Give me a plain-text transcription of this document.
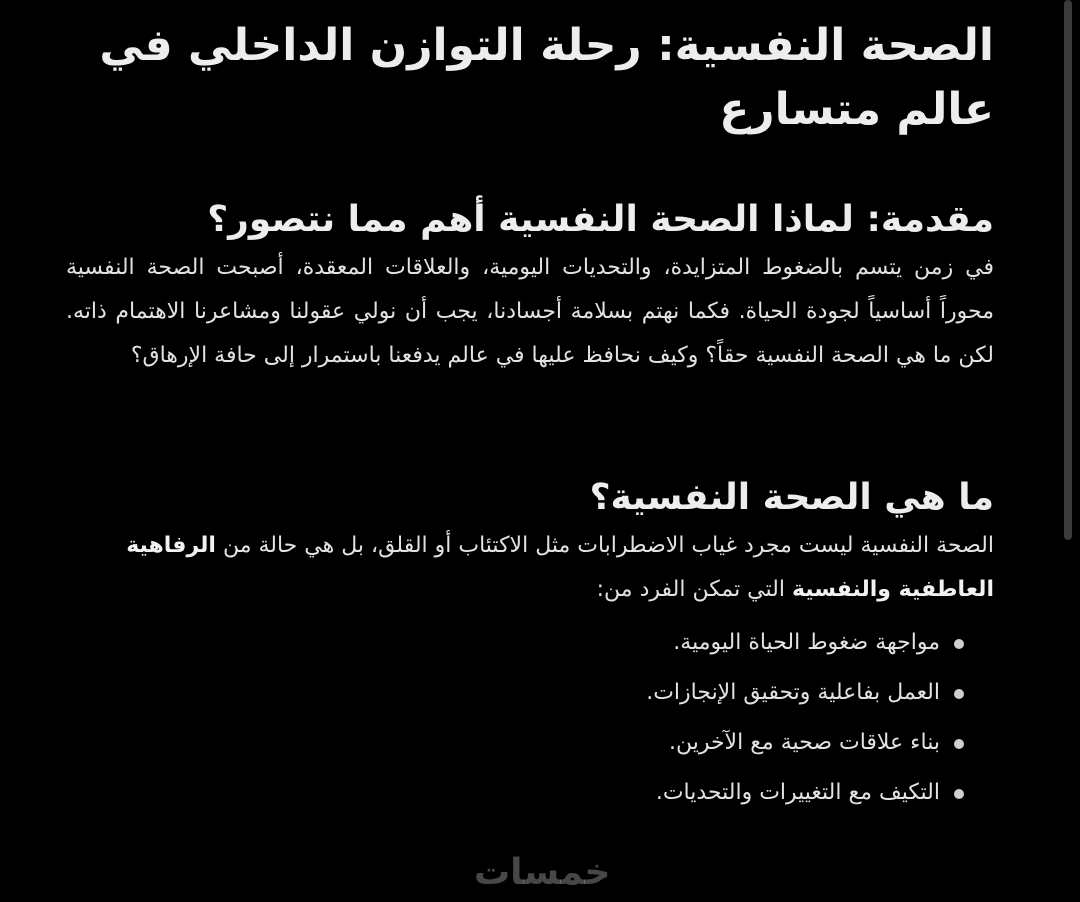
الصحة النفسية: رحلة التوازن الداخلي في عالم متسارع
مقدمة: لماذا الصحة النفسية أهم مما نتصور؟

في زمن يتسم بالضغوط المتزايدة، والتحديات اليومية، والعلاقات المعقدة، أصبحت الصحة النفسية محوراً أساسياً لجودة الحياة. فكما نهتم بسلامة أجسادنا، يجب أن نولي عقولنا ومشاعرنا الاهتمام ذاته. لكن ما هي الصحة النفسية حقاً؟ وكيف نحافظ عليها في عالم يدفعنا باستمرار إلى حافة الإرهاق؟

ما هي الصحة النفسية؟

الصحة النفسية ليست مجرد غياب الاضطرابات مثل الاكتئاب أو القلق، بل هي حالة من الرفاهية العاطفية والنفسية التي تمكن الفرد من:

مواجهة ضغوط الحياة اليومية.
العمل بفاعلية وتحقيق الإنجازات.
بناء علاقات صحية مع الآخرين.
التكيف مع التغييرات والتحديات.
خمسات
